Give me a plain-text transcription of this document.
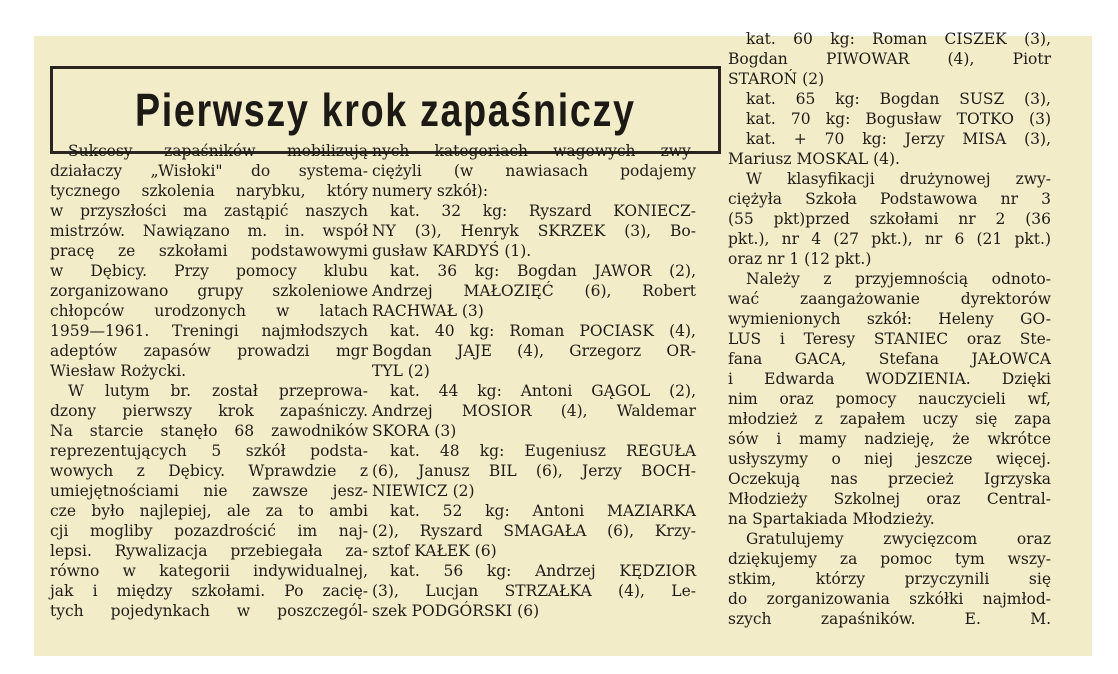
Pierwszy krok zapaśniczy
Sukcesy zapaśników mobilizują
działaczy „Wisłoki" do systema-
tycznego szkolenia narybku, który
w przyszłości ma zastąpić naszych
mistrzów. Nawiązano m. in. współ
pracę ze szkołami podstawowymi
w Dębicy. Przy pomocy klubu
zorganizowano grupy szkoleniowe
chłopców urodzonych w latach
1959—1961. Treningi najmłodszych
adeptów zapasów prowadzi mgr
Wiesław Rożycki.
W lutym br. został przeprowa-
dzony pierwszy krok zapaśniczy.
Na starcie stanęło 68 zawodników
reprezentujących 5 szkół podsta-
wowych z Dębicy. Wprawdzie z
umiejętnościami nie zawsze jesz-
cze było najlepiej, ale za to ambi
cji mogliby pozazdrościć im naj-
lepsi. Rywalizacja przebiegała za-
równo w kategorii indywidualnej,
jak i między szkołami. Po zacię-
tych pojedynkach w poszczegól-
nych kategoriach wagowych zwy-
ciężyli (w nawiasach podajemy
numery szkół):
kat. 32 kg: Ryszard KONIECZ-
NY (3), Henryk SKRZEK (3), Bo-
gusław KARDYŚ (1).
kat. 36 kg: Bogdan JAWOR (2),
Andrzej MAŁOZIĘĆ (6), Robert
RACHWAŁ (3)
kat. 40 kg: Roman POCIASK (4),
Bogdan JAJE (4), Grzegorz OR-
TYL (2)
kat. 44 kg: Antoni GĄGOL (2),
Andrzej MOSIOR (4), Waldemar
SKORA (3)
kat. 48 kg: Eugeniusz REGUŁA
(6), Janusz BIL (6), Jerzy BOCH-
NIEWICZ (2)
kat. 52 kg: Antoni MAZIARKA
(2), Ryszard SMAGAŁA (6), Krzy-
sztof KAŁEK (6)
kat. 56 kg: Andrzej KĘDZIOR
(3), Lucjan STRZAŁKA (4), Le-
szek PODGÓRSKI (6)
kat. 60 kg: Roman CISZEK (3),
Bogdan PIWOWAR (4), Piotr
STAROŃ (2)
kat. 65 kg: Bogdan SUSZ (3),
kat. 70 kg: Bogusław TOTKO (3)
kat. + 70 kg: Jerzy MISA (3),
Mariusz MOSKAL (4).
W klasyfikacji drużynowej zwy-
ciężyła Szkoła Podstawowa nr 3
(55 pkt)przed szkołami nr 2 (36
pkt.), nr 4 (27 pkt.), nr 6 (21 pkt.)
oraz nr 1 (12 pkt.)
Należy z przyjemnością odnoto-
wać zaangażowanie dyrektorów
wymienionych szkół: Heleny GO-
LUS i Teresy STANIEC oraz Ste-
fana GACA, Stefana JAŁOWCA
i Edwarda WODZIENIA. Dzięki
nim oraz pomocy nauczycieli wf,
młodzież z zapałem uczy się zapa
sów i mamy nadzieję, że wkrótce
usłyszymy o niej jeszcze więcej.
Oczekują nas przecież Igrzyska
Młodzieży Szkolnej oraz Central-
na Spartakiada Młodzieży.
Gratulujemy zwycięzcom oraz
dziękujemy za pomoc tym wszy-
stkim, którzy przyczynili się
do zorganizowania szkółki najmłod-
szych zapaśników. E. M.
